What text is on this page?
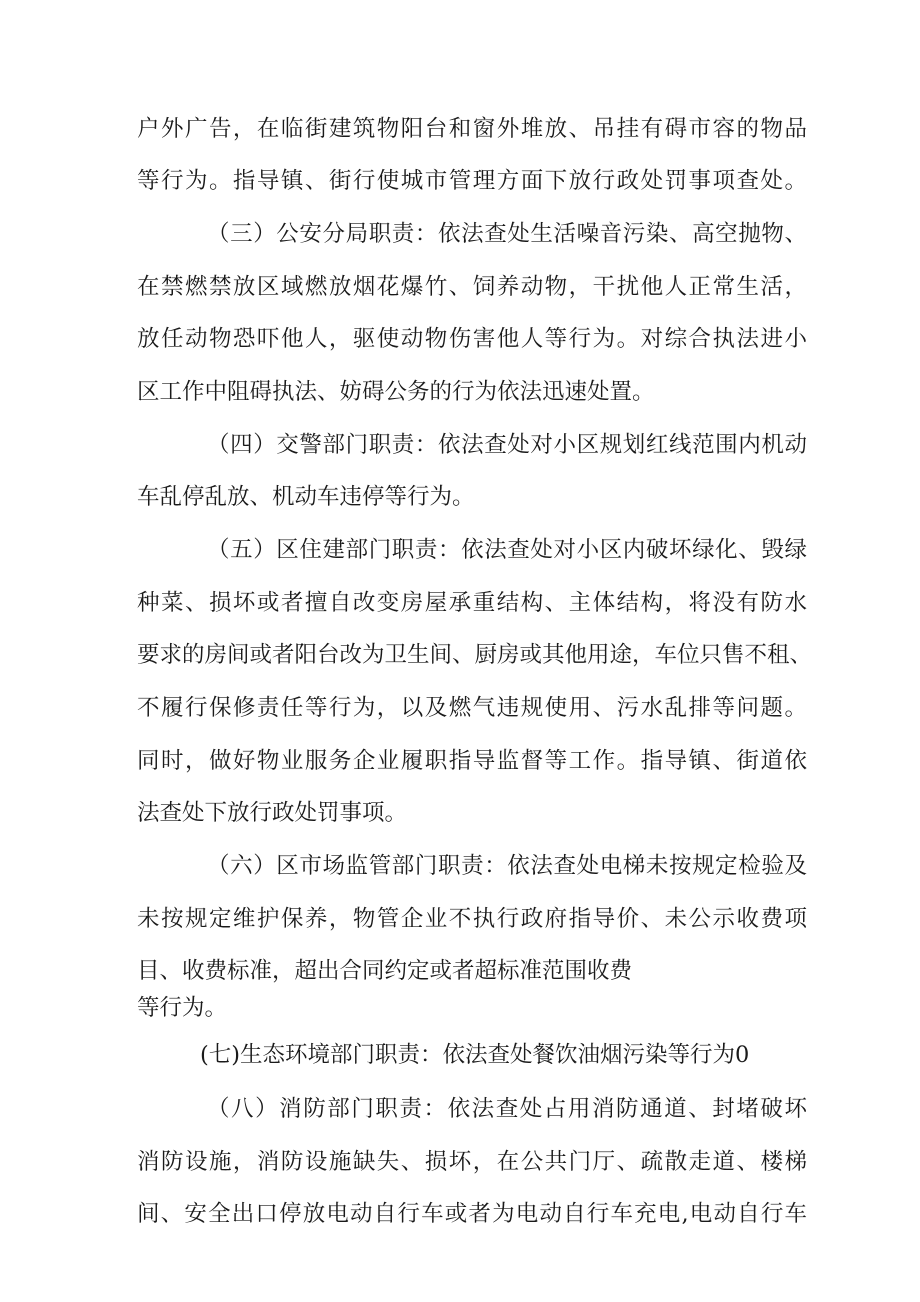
户外广告，在临街建筑物阳台和窗外堆放、吊挂有碍市容的物品
等行为。指导镇、街行使城市管理方面下放行政处罚事项查处。
（三）公安分局职责：依法查处生活噪音污染、高空抛物、
在禁燃禁放区域燃放烟花爆竹、饲养动物，干扰他人正常生活，
放任动物恐吓他人，驱使动物伤害他人等行为。对综合执法进小
区工作中阻碍执法、妨碍公务的行为依法迅速处置。
（四）交警部门职责：依法查处对小区规划红线范围内机动
车乱停乱放、机动车违停等行为。
（五）区住建部门职责：依法查处对小区内破坏绿化、毁绿
种菜、损坏或者擅自改变房屋承重结构、主体结构，将没有防水
要求的房间或者阳台改为卫生间、厨房或其他用途，车位只售不租、
不履行保修责任等行为，以及燃气违规使用、污水乱排等问题。
同时，做好物业服务企业履职指导监督等工作。指导镇、街道依
法查处下放行政处罚事项。
（六）区市场监管部门职责：依法查处电梯未按规定检验及
未按规定维护保养，物管企业不执行政府指导价、未公示收费项
目、收费标准，超出合同约定或者超标准范围收费
等行为。
(七)生态环境部门职责：依法查处餐饮油烟污染等行为0
（八）消防部门职责：依法查处占用消防通道、封堵破坏
消防设施，消防设施缺失、损坏，在公共门厅、疏散走道、楼梯
间、安全出口停放电动自行车或者为电动自行车充电,电动自行车
